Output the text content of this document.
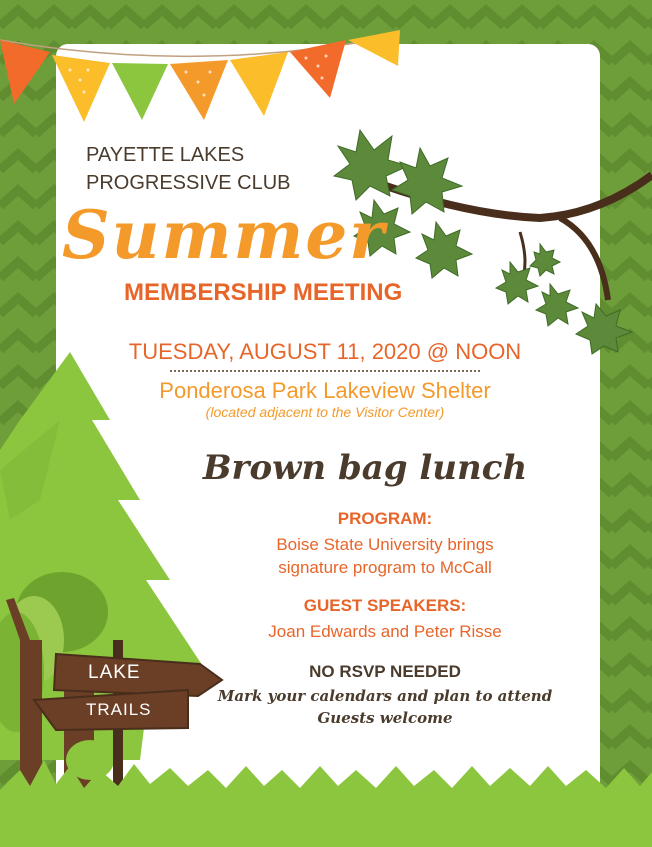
LAKE
TRAILS
PAYETTE LAKES
PROGRESSIVE CLUB
Summer
MEMBERSHIP MEETING
TUESDAY, AUGUST 11, 2020 @ NOON
Ponderosa Park Lakeview Shelter
(located adjacent to the Visitor Center)
Brown bag lunch
PROGRAM:
Boise State University brings
signature program to McCall
GUEST SPEAKERS:
Joan Edwards and Peter Risse
NO RSVP NEEDED
Mark your calendars and plan to attend
Guests welcome
